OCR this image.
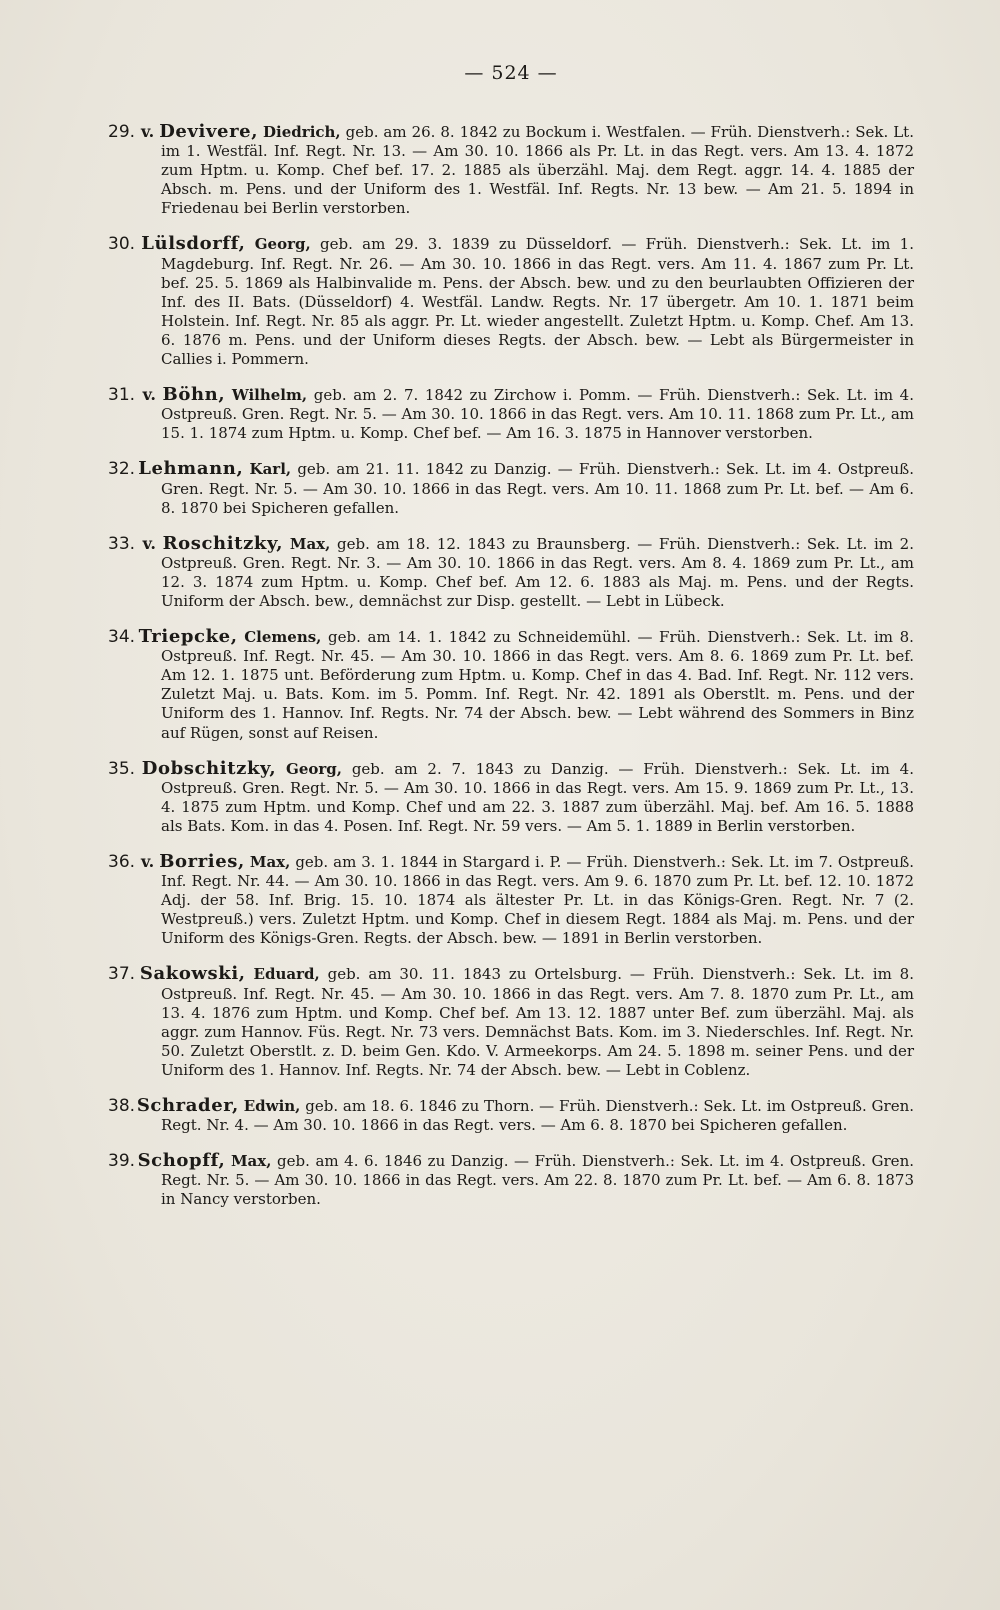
— 524 —

29. v. Devivere, Diedrich, geb. am 26. 8. 1842 zu Bockum i. Westfalen. — Früh. Dienstverh.: Sek. Lt. im 1. Westfäl. Inf. Regt. Nr. 13. — Am 30. 10. 1866 als Pr. Lt. in das Regt. vers. Am 13. 4. 1872 zum Hptm. u. Komp. Chef bef. 17. 2. 1885 als überzähl. Maj. dem Regt. aggr. 14. 4. 1885 der Absch. m. Pens. und der Uniform des 1. Westfäl. Inf. Regts. Nr. 13 bew. — Am 21. 5. 1894 in Friedenau bei Berlin verstorben.

30. Lülsdorff, Georg, geb. am 29. 3. 1839 zu Düsseldorf. — Früh. Dienstverh.: Sek. Lt. im 1. Magdeburg. Inf. Regt. Nr. 26. — Am 30. 10. 1866 in das Regt. vers. Am 11. 4. 1867 zum Pr. Lt. bef. 25. 5. 1869 als Halbinvalide m. Pens. der Absch. bew. und zu den beurlaubten Offizieren der Inf. des II. Bats. (Düsseldorf) 4. Westfäl. Landw. Regts. Nr. 17 übergetr. Am 10. 1. 1871 beim Holstein. Inf. Regt. Nr. 85 als aggr. Pr. Lt. wieder angestellt. Zuletzt Hptm. u. Komp. Chef. Am 13. 6. 1876 m. Pens. und der Uniform dieses Regts. der Absch. bew. — Lebt als Bürgermeister in Callies i. Pommern.

31. v. Böhn, Wilhelm, geb. am 2. 7. 1842 zu Zirchow i. Pomm. — Früh. Dienstverh.: Sek. Lt. im 4. Ostpreuß. Gren. Regt. Nr. 5. — Am 30. 10. 1866 in das Regt. vers. Am 10. 11. 1868 zum Pr. Lt., am 15. 1. 1874 zum Hptm. u. Komp. Chef bef. — Am 16. 3. 1875 in Hannover verstorben.

32. Lehmann, Karl, geb. am 21. 11. 1842 zu Danzig. — Früh. Dienstverh.: Sek. Lt. im 4. Ostpreuß. Gren. Regt. Nr. 5. — Am 30. 10. 1866 in das Regt. vers. Am 10. 11. 1868 zum Pr. Lt. bef. — Am 6. 8. 1870 bei Spicheren gefallen.

33. v. Roschitzky, Max, geb. am 18. 12. 1843 zu Braunsberg. — Früh. Dienstverh.: Sek. Lt. im 2. Ostpreuß. Gren. Regt. Nr. 3. — Am 30. 10. 1866 in das Regt. vers. Am 8. 4. 1869 zum Pr. Lt., am 12. 3. 1874 zum Hptm. u. Komp. Chef bef. Am 12. 6. 1883 als Maj. m. Pens. und der Regts. Uniform der Absch. bew., demnächst zur Disp. gestellt. — Lebt in Lübeck.

34. Triepcke, Clemens, geb. am 14. 1. 1842 zu Schneidemühl. — Früh. Dienstverh.: Sek. Lt. im 8. Ostpreuß. Inf. Regt. Nr. 45. — Am 30. 10. 1866 in das Regt. vers. Am 8. 6. 1869 zum Pr. Lt. bef. Am 12. 1. 1875 unt. Beförderung zum Hptm. u. Komp. Chef in das 4. Bad. Inf. Regt. Nr. 112 vers. Zuletzt Maj. u. Bats. Kom. im 5. Pomm. Inf. Regt. Nr. 42. 1891 als Oberstlt. m. Pens. und der Uniform des 1. Hannov. Inf. Regts. Nr. 74 der Absch. bew. — Lebt während des Sommers in Binz auf Rügen, sonst auf Reisen.

35. Dobschitzky, Georg, geb. am 2. 7. 1843 zu Danzig. — Früh. Dienstverh.: Sek. Lt. im 4. Ostpreuß. Gren. Regt. Nr. 5. — Am 30. 10. 1866 in das Regt. vers. Am 15. 9. 1869 zum Pr. Lt., 13. 4. 1875 zum Hptm. und Komp. Chef und am 22. 3. 1887 zum überzähl. Maj. bef. Am 16. 5. 1888 als Bats. Kom. in das 4. Posen. Inf. Regt. Nr. 59 vers. — Am 5. 1. 1889 in Berlin verstorben.

36. v. Borries, Max, geb. am 3. 1. 1844 in Stargard i. P. — Früh. Dienstverh.: Sek. Lt. im 7. Ostpreuß. Inf. Regt. Nr. 44. — Am 30. 10. 1866 in das Regt. vers. Am 9. 6. 1870 zum Pr. Lt. bef. 12. 10. 1872 Adj. der 58. Inf. Brig. 15. 10. 1874 als ältester Pr. Lt. in das Königs-Gren. Regt. Nr. 7 (2. Westpreuß.) vers. Zuletzt Hptm. und Komp. Chef in diesem Regt. 1884 als Maj. m. Pens. und der Uniform des Königs-Gren. Regts. der Absch. bew. — 1891 in Berlin verstorben.

37. Sakowski, Eduard, geb. am 30. 11. 1843 zu Ortelsburg. — Früh. Dienstverh.: Sek. Lt. im 8. Ostpreuß. Inf. Regt. Nr. 45. — Am 30. 10. 1866 in das Regt. vers. Am 7. 8. 1870 zum Pr. Lt., am 13. 4. 1876 zum Hptm. und Komp. Chef bef. Am 13. 12. 1887 unter Bef. zum überzähl. Maj. als aggr. zum Hannov. Füs. Regt. Nr. 73 vers. Demnächst Bats. Kom. im 3. Niederschles. Inf. Regt. Nr. 50. Zuletzt Oberstlt. z. D. beim Gen. Kdo. V. Armeekorps. Am 24. 5. 1898 m. seiner Pens. und der Uniform des 1. Hannov. Inf. Regts. Nr. 74 der Absch. bew. — Lebt in Coblenz.

38. Schrader, Edwin, geb. am 18. 6. 1846 zu Thorn. — Früh. Dienstverh.: Sek. Lt. im Ostpreuß. Gren. Regt. Nr. 4. — Am 30. 10. 1866 in das Regt. vers. — Am 6. 8. 1870 bei Spicheren gefallen.

39. Schopff, Max, geb. am 4. 6. 1846 zu Danzig. — Früh. Dienstverh.: Sek. Lt. im 4. Ostpreuß. Gren. Regt. Nr. 5. — Am 30. 10. 1866 in das Regt. vers. Am 22. 8. 1870 zum Pr. Lt. bef. — Am 6. 8. 1873 in Nancy verstorben.
